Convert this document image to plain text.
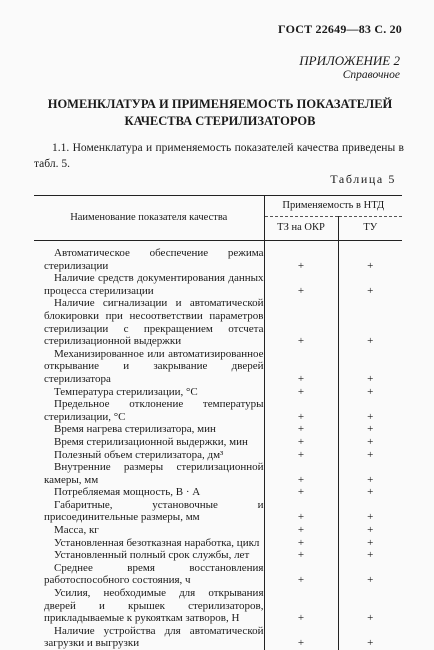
ГОСТ 22649—83 С. 20
ПРИЛОЖЕНИЕ 2
Справочное
НОМЕНКЛАТУРА И ПРИМЕНЯЕМОСТЬ ПОКАЗАТЕЛЕЙ
КАЧЕСТВА СТЕРИЛИЗАТОРОВ
1.1. Номенклатура и применяемость показателей качества приведены в табл. 5.
Таблица 5
Наименование показателя качества	Применяемость в НТД	
	ТЗ на ОКР	ТУ

Автоматическое обеспечение режима стерилизации	+	+

Наличие средств документирования данных процесса стерилизации	+	+

Наличие сигнализации и автоматической блокировки при несоответствии параметров стерилизации с прекращением отсчета стерилизационной выдержки	+	+

Механизированное или автоматизированное открывание и закрывание дверей стерилизатора	+	+

Температура стерилизации, °С	+	+

Предельное отклонение температуры стерилизации, °С	+	+

Время нагрева стерилизатора, мин	+	+

Время стерилизационной выдержки, мин	+	+

Полезный объем стерилизатора, дм³	+	+

Внутренние размеры стерилизационной камеры, мм	+	+

Потребляемая мощность, В · А	+	+

Габаритные, установочные и присоединительные размеры, мм	+	+

Масса, кг	+	+

Установленная безотказная наработка, цикл	+	+

Установленный полный срок службы, лет	+	+

Среднее время восстановления работоспособного состояния, ч	+	+

Усилия, необходимые для открывания дверей и крышек стерилизаторов, прикладываемые к рукояткам затворов, Н	+	+

Наличие устройства для автоматической загрузки и выгрузки	+	+
